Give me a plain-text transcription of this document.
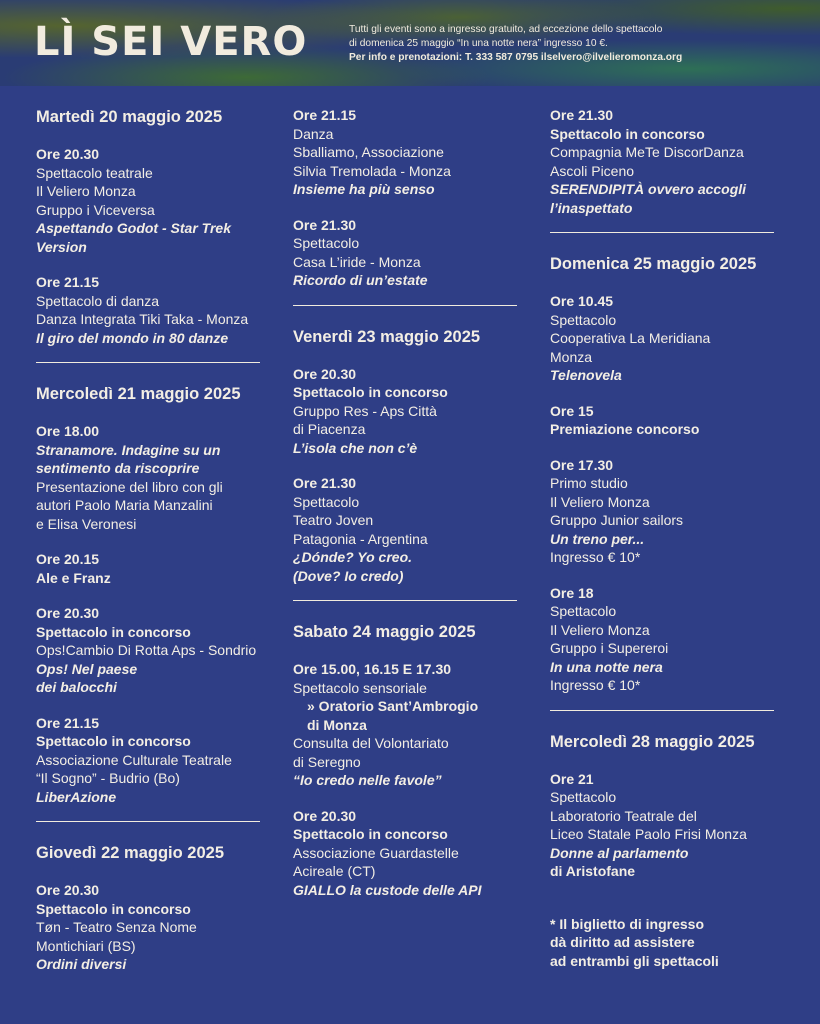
LÌ SEI VERO	Tutti gli eventi sono a ingresso gratuito, ad eccezione dello spettacolo
di domenica 25 maggio “In una notte nera” ingresso 10 €.
Per info e prenotazioni: T. 333 587 0795 ilselvero@ilvelieromonza.org
Martedì 20 maggio 2025
Ore 20.30
Spettacolo teatrale
Il Veliero Monza
Gruppo i Viceversa
Aspettando Godot - Star Trek
Version
Ore 21.15
Spettacolo di danza
Danza Integrata Tiki Taka - Monza
Il giro del mondo in 80 danze
Mercoledì 21 maggio 2025
Ore 18.00
Stranamore. Indagine su un
sentimento da riscoprire
Presentazione del libro con gli
autori Paolo Maria Manzalini
e Elisa Veronesi
Ore 20.15
Ale e Franz
Ore 20.30
Spettacolo in concorso
Ops!Cambio Di Rotta Aps - Sondrio
Ops! Nel paese
dei balocchi
Ore 21.15
Spettacolo in concorso
Associazione Culturale Teatrale
“Il Sogno” - Budrio (Bo)
LiberAzione
Giovedì 22 maggio 2025
Ore 20.30
Spettacolo in concorso
Tøn - Teatro Senza Nome
Montichiari (BS)
Ordini diversi
Ore 21.15
Danza
Sballiamo, Associazione
Silvia Tremolada - Monza
Insieme ha più senso
Ore 21.30
Spettacolo
Casa L’iride - Monza
Ricordo di un’estate
Venerdì 23 maggio 2025
Ore 20.30
Spettacolo in concorso
Gruppo Res - Aps Città
di Piacenza
L’isola che non c’è
Ore 21.30
Spettacolo
Teatro Joven
Patagonia - Argentina
¿Dónde? Yo creo.
(Dove? Io credo)
Sabato 24 maggio 2025
Ore 15.00, 16.15 E 17.30
Spettacolo sensoriale
» Oratorio Sant’Ambrogio
di Monza
Consulta del Volontariato
di Seregno
“Io credo nelle favole”
Ore 20.30
Spettacolo in concorso
Associazione Guardastelle
Acireale (CT)
GIALLO la custode delle API
Ore 21.30
Spettacolo in concorso
Compagnia MeTe DiscorDanza
Ascoli Piceno
SERENDIPITÀ ovvero accogli
l’inaspettato
Domenica 25 maggio 2025
Ore 10.45
Spettacolo
Cooperativa La Meridiana
Monza
Telenovela
Ore 15
Premiazione concorso
Ore 17.30
Primo studio
Il Veliero Monza
Gruppo Junior sailors
Un treno per...
Ingresso € 10*
Ore 18
Spettacolo
Il Veliero Monza
Gruppo i Supereroi
In una notte nera
Ingresso € 10*
Mercoledì 28 maggio 2025
Ore 21
Spettacolo
Laboratorio Teatrale del
Liceo Statale Paolo Frisi Monza
Donne al parlamento
di Aristofane
* Il biglietto di ingresso
dà diritto ad assistere
ad entrambi gli spettacoli
